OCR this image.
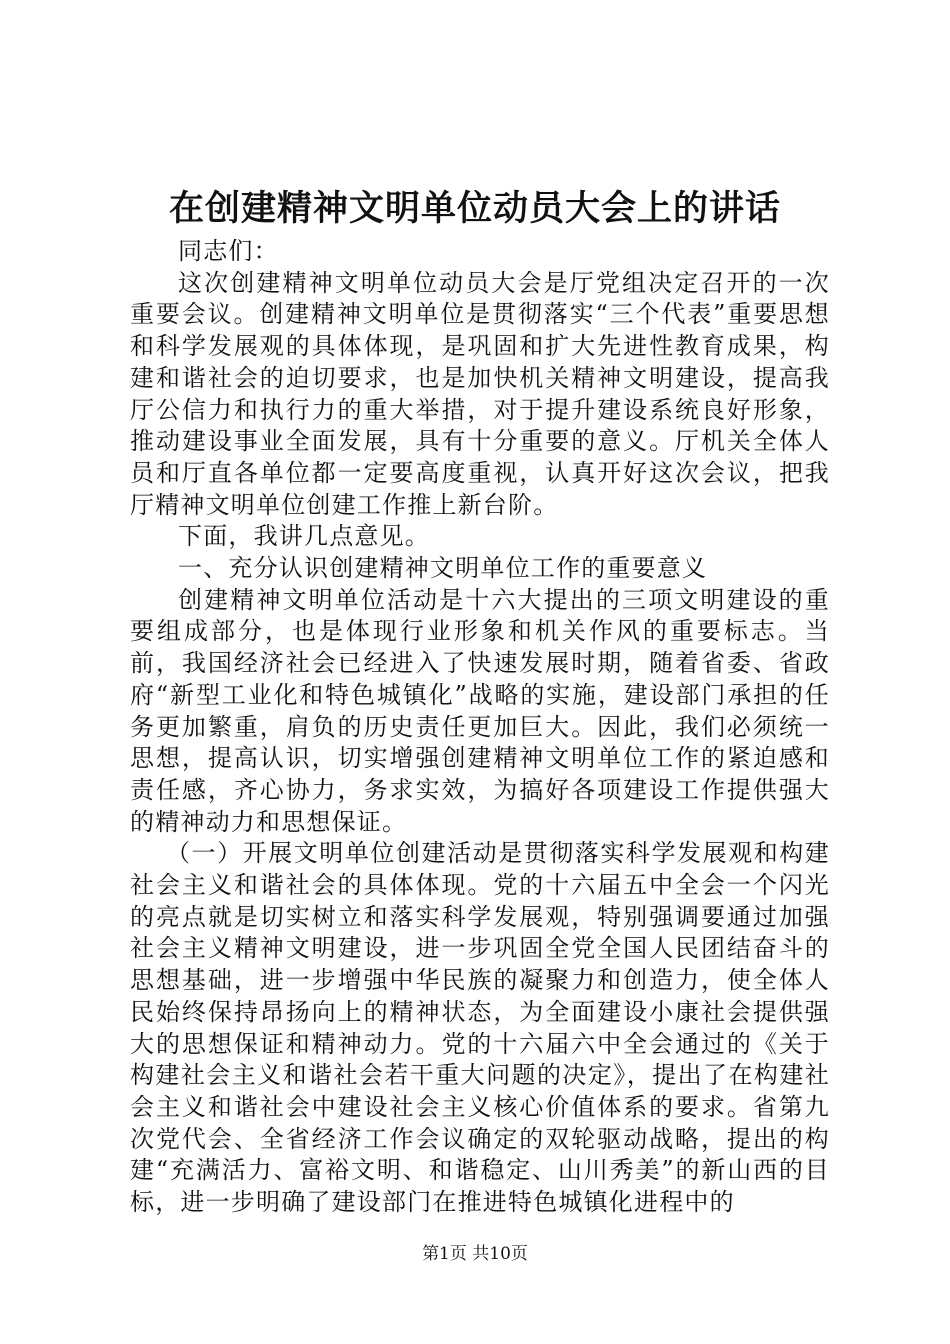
在创建精神文明单位动员大会上的讲话

同志们：

这次创建精神文明单位动员大会是厅党组决定召开的一次重要会议。创建精神文明单位是贯彻落实“三个代表”重要思想和科学发展观的具体体现，是巩固和扩大先进性教育成果，构建和谐社会的迫切要求，也是加快机关精神文明建设，提高我厅公信力和执行力的重大举措，对于提升建设系统良好形象，推动建设事业全面发展，具有十分重要的意义。厅机关全体人员和厅直各单位都一定要高度重视，认真开好这次会议，把我厅精神文明单位创建工作推上新台阶。

下面，我讲几点意见。

一、充分认识创建精神文明单位工作的重要意义

创建精神文明单位活动是十六大提出的三项文明建设的重要组成部分，也是体现行业形象和机关作风的重要标志。当前，我国经济社会已经进入了快速发展时期，随着省委、省政府“新型工业化和特色城镇化”战略的实施，建设部门承担的任务更加繁重，肩负的历史责任更加巨大。因此，我们必须统一思想，提高认识，切实增强创建精神文明单位工作的紧迫感和责任感，齐心协力，务求实效，为搞好各项建设工作提供强大的精神动力和思想保证。

（一）开展文明单位创建活动是贯彻落实科学发展观和构建社会主义和谐社会的具体体现。党的十六届五中全会一个闪光的亮点就是切实树立和落实科学发展观，特别强调要通过加强社会主义精神文明建设，进一步巩固全党全国人民团结奋斗的思想基础，进一步增强中华民族的凝聚力和创造力，使全体人民始终保持昂扬向上的精神状态，为全面建设小康社会提供强大的思想保证和精神动力。党的十六届六中全会通过的《关于构建社会主义和谐社会若干重大问题的决定》，提出了在构建社会主义和谐社会中建设社会主义核心价值体系的要求。省第九次党代会、全省经济工作会议确定的双轮驱动战略，提出的构建“充满活力、富裕文明、和谐稳定、山川秀美”的新山西的目标，进一步明确了建设部门在推进特色城镇化进程中的

第1页 共10页
